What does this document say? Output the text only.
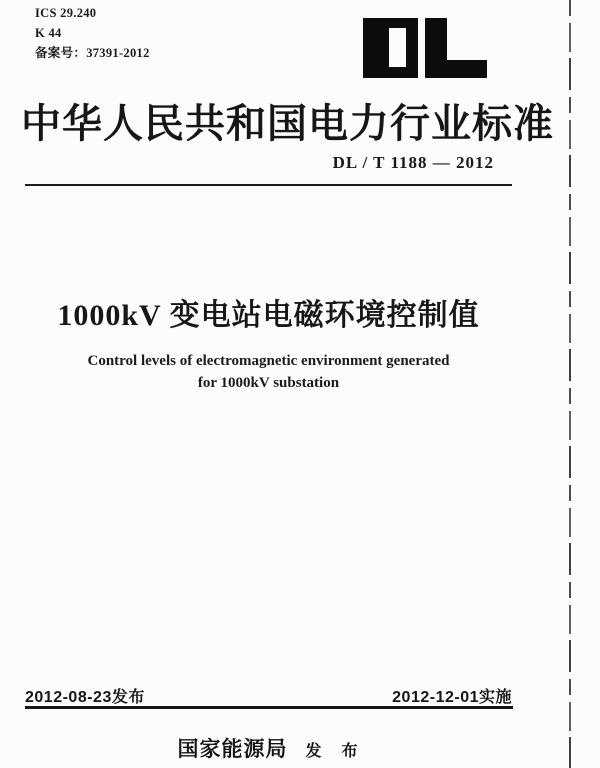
ICS 29.240
K 44
备案号：37391-2012
中华人民共和国电力行业标准
DL / T 1188 — 2012
1000kV 变电站电磁环境控制值
Control levels of electromagnetic environment generated
for 1000kV substation
2012-08-23发布	2012-12-01实施
国家能源局 发　布
